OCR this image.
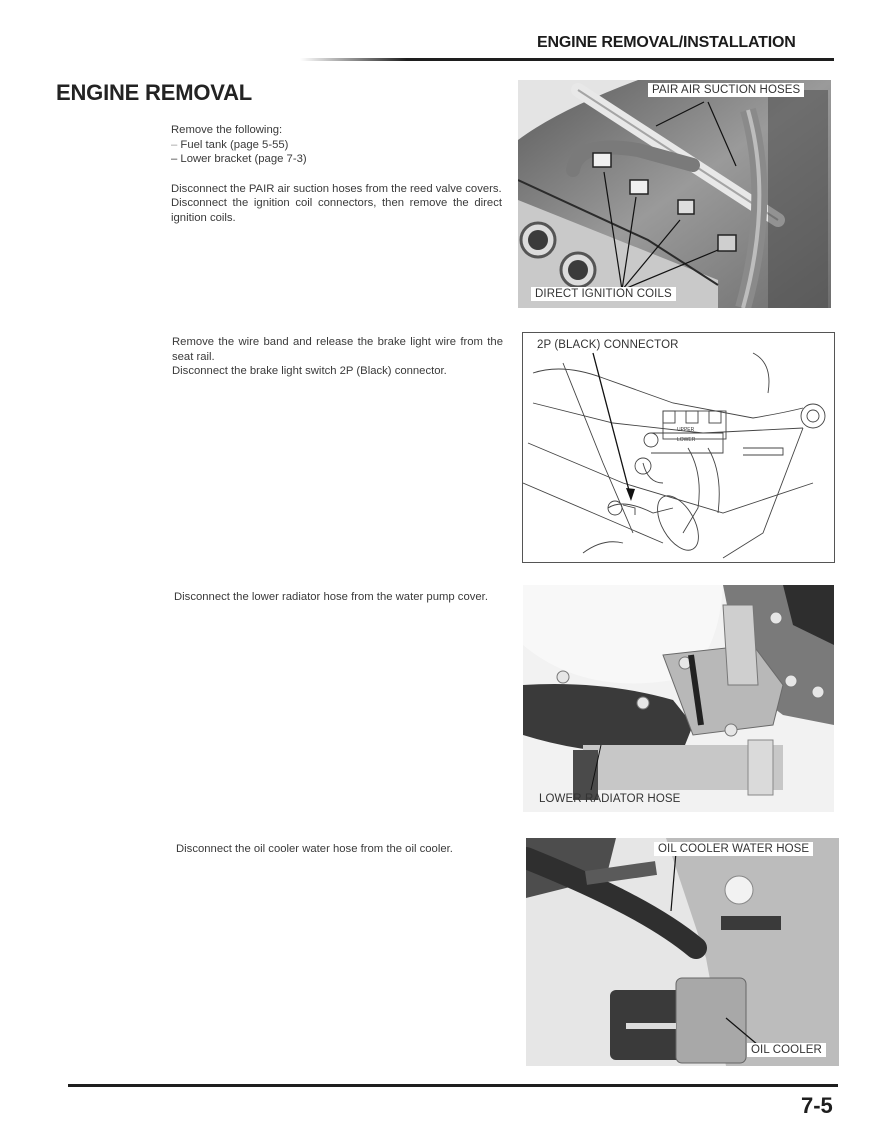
ENGINE REMOVAL/INSTALLATION
ENGINE REMOVAL

Remove the following:

– Fuel tank (page 5-55)

– Lower bracket (page 7-3)

Disconnect the PAIR air suction hoses from the reed valve covers.

Disconnect the ignition coil connectors, then remove the direct ignition coils.

PAIR AIR SUCTION HOSES
DIRECT IGNITION COILS

Remove the wire band and release the brake light wire from the seat rail.

Disconnect the brake light switch 2P (Black) connector.

UPPER
LOWER
2P (BLACK) CONNECTOR

Disconnect the lower radiator hose from the water pump cover.

LOWER RADIATOR HOSE

Disconnect the oil cooler water hose from the oil cooler.	OIL COOLER WATER HOSE
OIL COOLER
7-5
